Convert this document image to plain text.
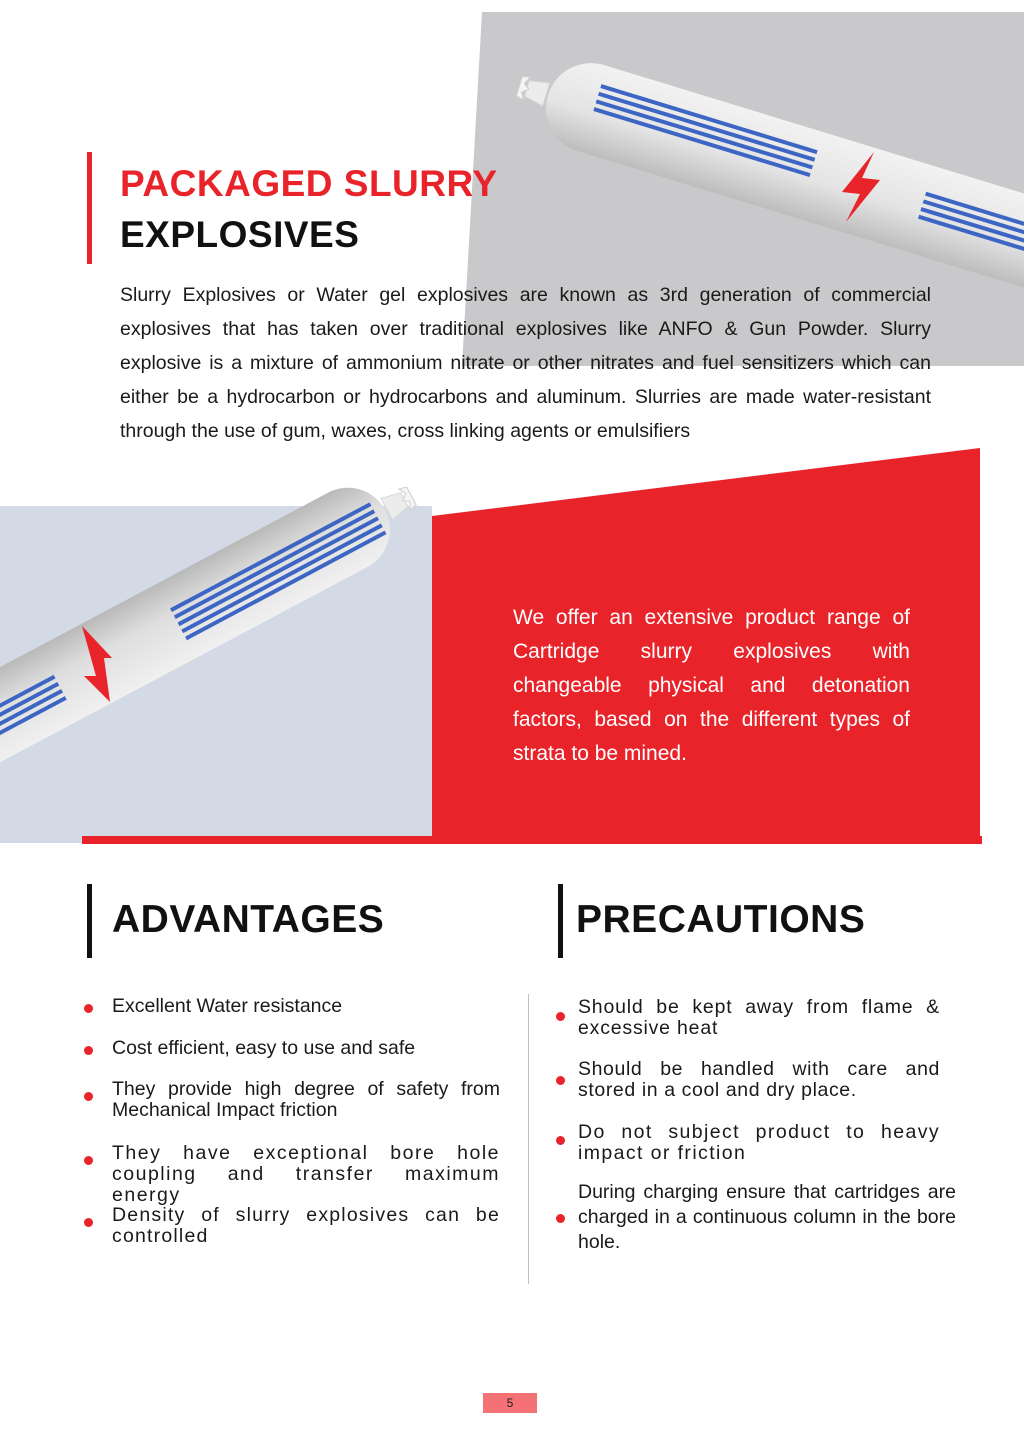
PACKAGED SLURRY
EXPLOSIVES
Slurry Explosives or Water gel explosives are known as 3rd generation of commercial explosives that has taken over traditional explosives like ANFO & Gun Powder. Slurry explosive is a mixture of ammonium nitrate or other nitrates and fuel sensitizers which can either be a hydrocarbon or hydrocarbons and aluminum. Slurries are made water-resistant through the use of gum, waxes, cross linking agents or emulsifiers
We offer an extensive product range of Cartridge slurry explosives with changeable physical and detonation factors, based on the different types of strata to be mined.
ADVANTAGES	PRECAUTIONS
Excellent Water resistance
Cost efficient, easy to use and safe
They provide high degree of safety from Mechanical Impact friction
They have exceptional bore hole coupling and transfer maximum energy
Density of slurry explosives can be controlled
Should be kept away from flame & excessive heat
Should be handled with care and stored in a cool and dry place.
Do not subject product to heavy impact or friction
During charging ensure that cartridges are charged in a continuous column in the bore hole.
5
